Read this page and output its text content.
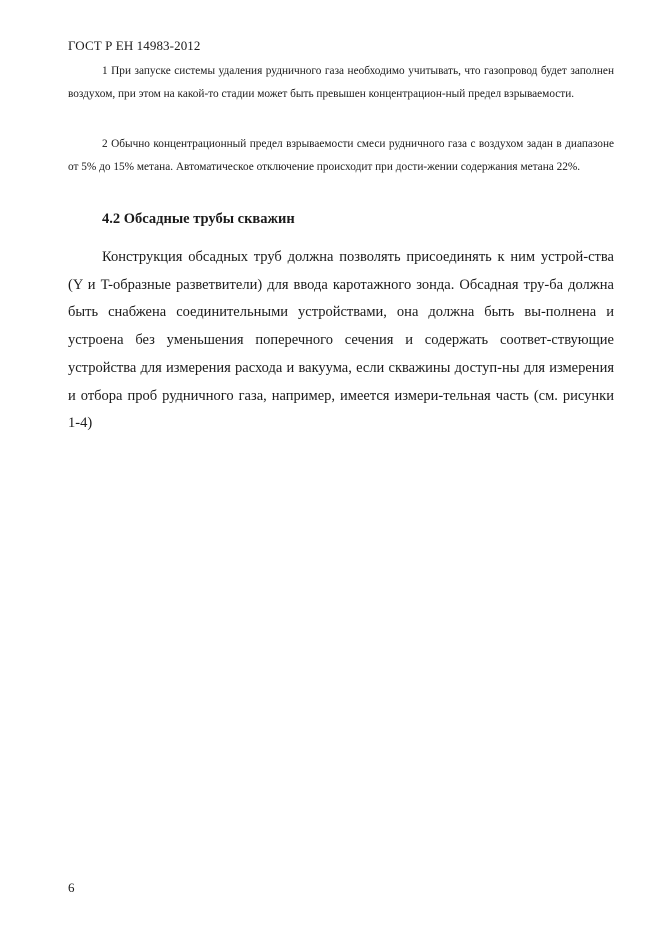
ГОСТ Р ЕН 14983-2012

1 При запуске системы удаления рудничного газа необходимо учитывать, что газопровод будет заполнен воздухом, при этом на какой-то стадии может быть превышен концентрацион-ный предел взрываемости.

2 Обычно концентрационный предел взрываемости смеси рудничного газа с воздухом задан в диапазоне от 5% до 15% метана. Автоматическое отключение происходит при дости-жении содержания метана 22%.

4.2 Обсадные трубы скважин

Конструкция обсадных труб должна позволять присоединять к ним устрой-ства (Y и T-образные разветвители) для ввода каротажного зонда. Обсадная тру-ба должна быть снабжена соединительными устройствами, она должна быть вы-полнена и устроена без уменьшения поперечного сечения и содержать соответ-ствующие устройства для измерения расхода и вакуума, если скважины доступ-ны для измерения и отбора проб рудничного газа, например, имеется измери-тельная часть (см. рисунки 1-4)

6
